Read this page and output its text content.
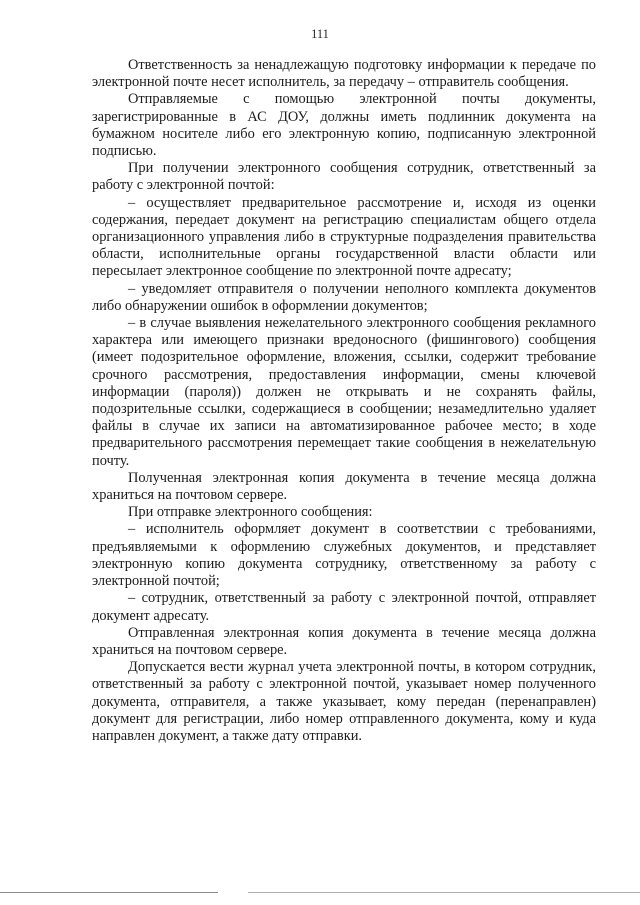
111

Ответственность за ненадлежащую подготовку информации к передаче по электронной почте несет исполнитель, за передачу – отправитель сообщения.

Отправляемые с помощью электронной почты документы, зарегистрированные в АС ДОУ, должны иметь подлинник документа на бумажном носителе либо его электронную копию, подписанную электронной подписью.

При получении электронного сообщения сотрудник, ответственный за работу с электронной почтой:

– осуществляет предварительное рассмотрение и, исходя из оценки содержания, передает документ на регистрацию специалистам общего отдела организационного управления либо в структурные подразделения правительства области, исполнительные органы государственной власти области или пересылает электронное сообщение по электронной почте адресату;

– уведомляет отправителя о получении неполного комплекта документов либо обнаружении ошибок в оформлении документов;

– в случае выявления нежелательного электронного сообщения рекламного характера или имеющего признаки вредоносного (фишингового) сообщения (имеет подозрительное оформление, вложения, ссылки, содержит требование срочного рассмотрения, предоставления информации, смены ключевой информации (пароля)) должен не открывать и не сохранять файлы, подозрительные ссылки, содержащиеся в сообщении; незамедлительно удаляет файлы в случае их записи на автоматизированное рабочее место; в ходе предварительного рассмотрения перемещает такие сообщения в нежелательную почту.

Полученная электронная копия документа в течение месяца должна храниться на почтовом сервере.

При отправке электронного сообщения:

– исполнитель оформляет документ в соответствии с требованиями, предъявляемыми к оформлению служебных документов, и представляет электронную копию документа сотруднику, ответственному за работу с электронной почтой;

– сотрудник, ответственный за работу с электронной почтой, отправляет документ адресату.

Отправленная электронная копия документа в течение месяца должна храниться на почтовом сервере.

Допускается вести журнал учета электронной почты, в котором сотрудник, ответственный за работу с электронной почтой, указывает номер полученного документа, отправителя, а также указывает, кому передан (перенаправлен) документ для регистрации, либо номер отправленного документа, кому и куда направлен документ, а также дату отправки.
